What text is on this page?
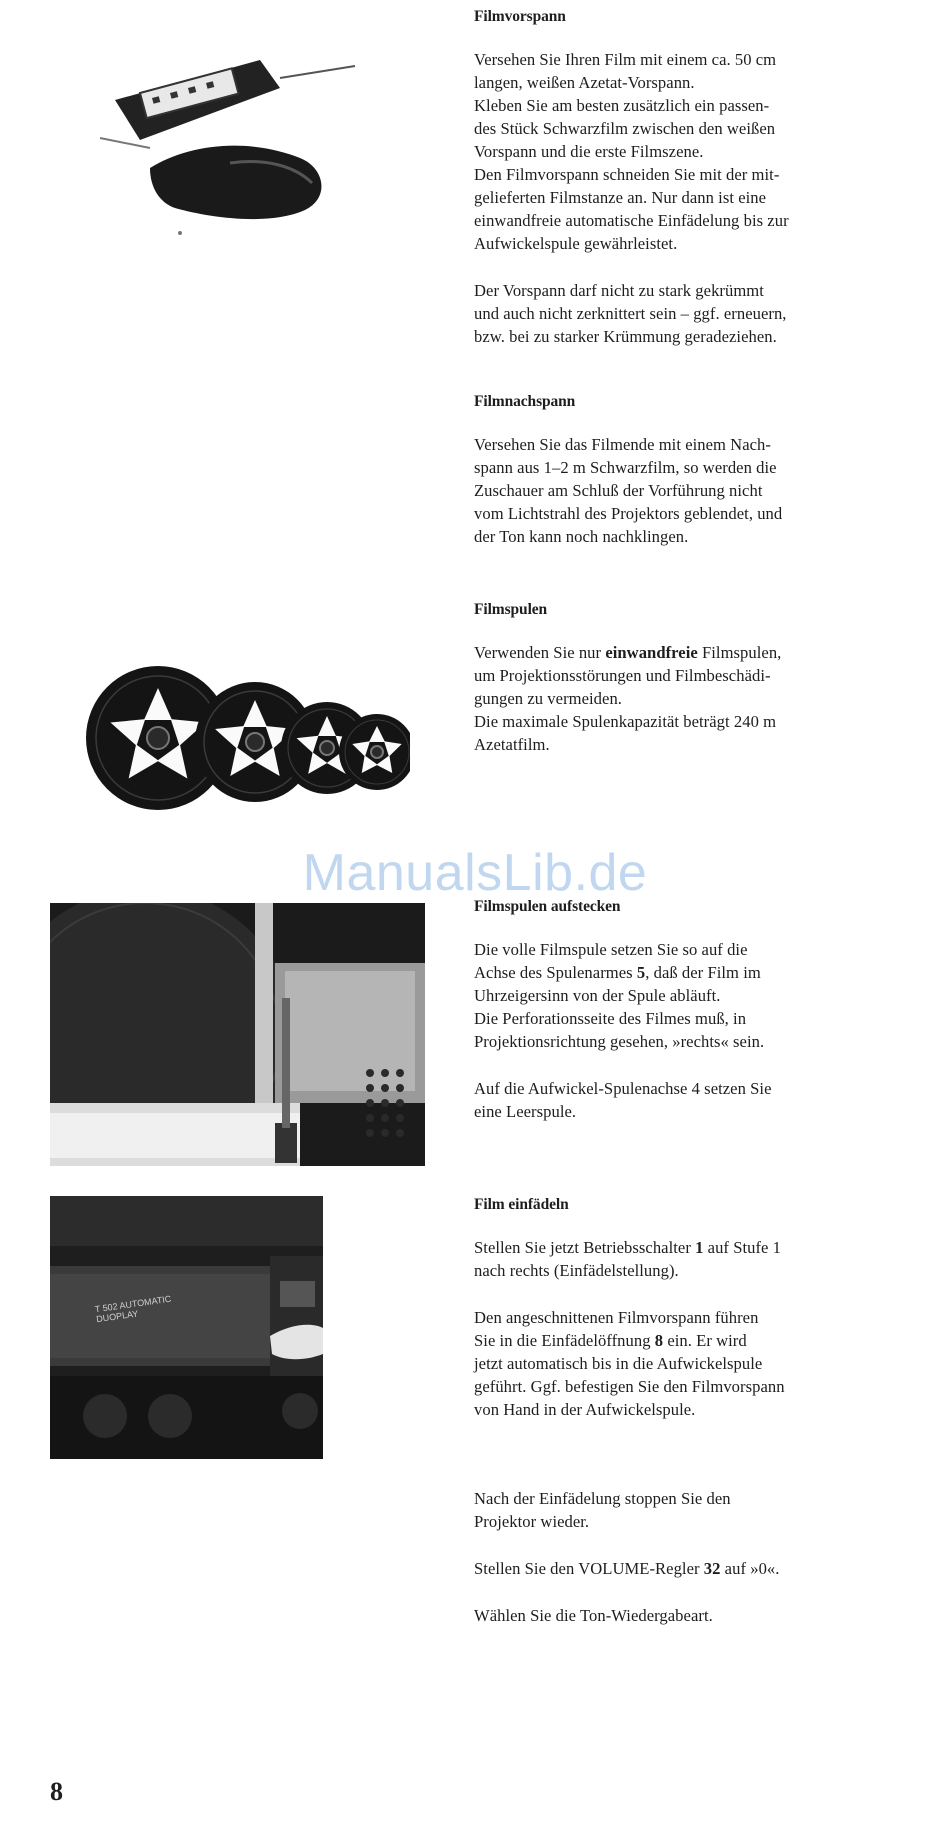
T 502 AUTOMATIC DUOPLAY
Filmvorspann
Versehen Sie Ihren Film mit einem ca. 50 cm
langen, weißen Azetat-Vorspann.
Kleben Sie am besten zusätzlich ein passen-
des Stück Schwarzfilm zwischen den weißen
Vorspann und die erste Filmszene.
Den Filmvorspann schneiden Sie mit der mit-
gelieferten Filmstanze an. Nur dann ist eine
einwandfreie automatische Einfädelung bis zur
Aufwickelspule gewährleistet.
Der Vorspann darf nicht zu stark gekrümmt
und auch nicht zerknittert sein – ggf. erneuern,
bzw. bei zu starker Krümmung geradeziehen.
Filmnachspann
Versehen Sie das Filmende mit einem Nach-
spann aus 1–2 m Schwarzfilm, so werden die
Zuschauer am Schluß der Vorführung nicht
vom Lichtstrahl des Projektors geblendet, und
der Ton kann noch nachklingen.
Filmspulen
Verwenden Sie nur einwandfreie Filmspulen,
um Projektionsstörungen und Filmbeschädi-
gungen zu vermeiden.
Die maximale Spulenkapazität beträgt 240 m
Azetatfilm.
Filmspulen aufstecken
Die volle Filmspule setzen Sie so auf die
Achse des Spulenarmes 5, daß der Film im
Uhrzeigersinn von der Spule abläuft.
Die Perforationsseite des Filmes muß, in
Projektionsrichtung gesehen, »rechts« sein.
Auf die Aufwickel-Spulenachse 4 setzen Sie
eine Leerspule.
Film einfädeln
Stellen Sie jetzt Betriebsschalter 1 auf Stufe 1
nach rechts (Einfädelstellung).
Den angeschnittenen Filmvorspann führen
Sie in die Einfädelöffnung 8 ein. Er wird
jetzt automatisch bis in die Aufwickelspule
geführt. Ggf. befestigen Sie den Filmvorspann
von Hand in der Aufwickelspule.
Nach der Einfädelung stoppen Sie den
Projektor wieder.
Stellen Sie den VOLUME-Regler 32 auf »0«.
Wählen Sie die Ton-Wiedergabeart.
ManualsLib.de
8
